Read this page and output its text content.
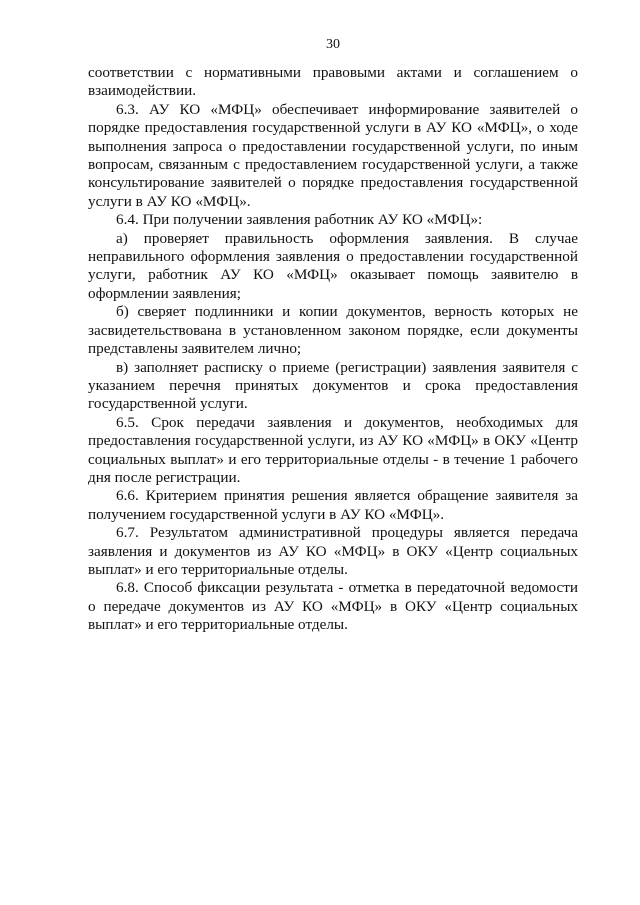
30

соответствии с нормативными правовыми актами и соглашением о взаимодействии.

6.3. АУ КО «МФЦ» обеспечивает информирование заявителей о порядке предоставления государственной услуги в АУ КО «МФЦ», о ходе выполнения запроса о предоставлении государственной услуги, по иным вопросам, связанным с предоставлением государственной услуги, а также консультирование заявителей о порядке предоставления государственной услуги в АУ КО «МФЦ».

6.4. При получении заявления работник АУ КО «МФЦ»:

а) проверяет правильность оформления заявления. В случае неправильного оформления заявления о предоставлении государственной услуги, работник АУ КО «МФЦ» оказывает помощь заявителю в оформлении заявления;

б) сверяет подлинники и копии документов, верность которых не засвидетельствована в установленном законом порядке, если документы представлены заявителем лично;

в) заполняет расписку о приеме (регистрации) заявления заявителя с указанием перечня принятых документов и срока предоставления государственной услуги.

6.5. Срок передачи заявления и документов, необходимых для предоставления государственной услуги, из АУ КО «МФЦ» в ОКУ «Центр социальных выплат» и его территориальные отделы - в течение 1 рабочего дня после регистрации.

6.6. Критерием принятия решения является обращение заявителя за получением государственной услуги в АУ КО «МФЦ».

6.7. Результатом административной процедуры является передача заявления и документов из АУ КО «МФЦ» в ОКУ «Центр социальных выплат» и его территориальные отделы.

6.8. Способ фиксации результата - отметка в передаточной ведомости о передаче документов из АУ КО «МФЦ» в ОКУ «Центр социальных выплат» и его территориальные отделы.
